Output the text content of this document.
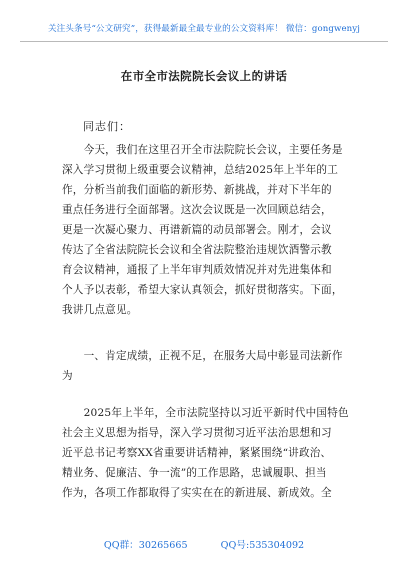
关注头条号“公文研究”，获得最新最全最专业的公文资料库！ 微信：gongwenyj
在市全市法院院长会议上的讲话
同志们：
　　今天，我们在这里召开全市法院院长会议，主要任务是
深入学习贯彻上级重要会议精神，总结2025年上半年的工
作，分析当前我们面临的新形势、新挑战，并对下半年的
重点任务进行全面部署。这次会议既是一次回顾总结会，
更是一次凝心聚力、再谱新篇的动员部署会。刚才，会议
传达了全省法院院长会议和全省法院整治违规饮酒警示教
育会议精神，通报了上半年审判质效情况并对先进集体和
个人予以表彰，希望大家认真领会，抓好贯彻落实。下面，
我讲几点意见。
　　一、肯定成绩，正视不足，在服务大局中彰显司法新作
为
　　2025年上半年，全市法院坚持以习近平新时代中国特色
社会主义思想为指导，深入学习贯彻习近平法治思想和习
近平总书记考察XX省重要讲话精神，紧紧围绕“讲政治、
精业务、促廉洁、争一流”的工作思路，忠诚履职、担当
作为，各项工作都取得了实实在在的新进展、新成效。全
QQ群：30265665	QQ号:535304092
